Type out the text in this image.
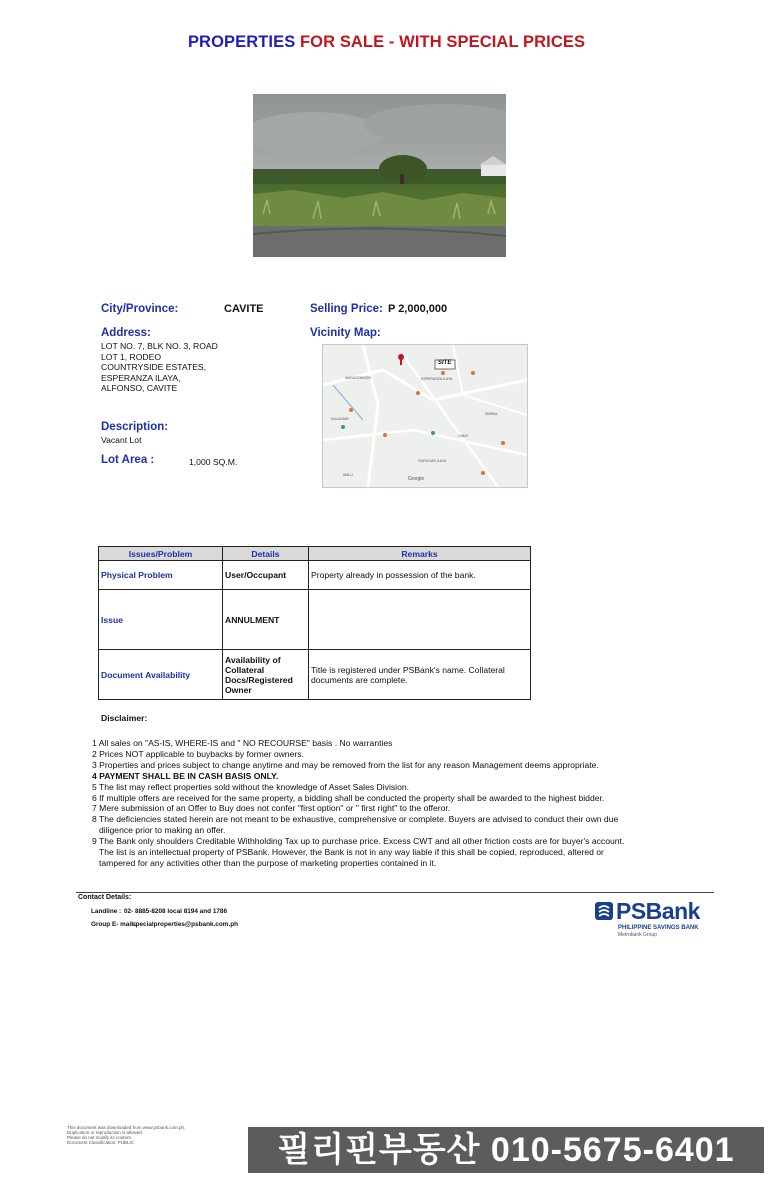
PROPERTIES FOR SALE - WITH SPECIAL PRICES
City/Province:	CAVITE	Selling Price: P 2,000,000
Address:
LOT NO. 7, BLK NO. 3, ROAD
LOT 1, RODEO
COUNTRYSIDE ESTATES,
ESPERANZA ILAYA,
ALFONSO, CAVITE
Vicinity Map:
Description:
Vacant Lot
Lot Area :	1,000 SQ.M.
SITE
MARAGONDON	ESPERANZA ILAYA
SALAGAIN
GURUGAN ILAYA
GINAT
SIMBAL
AMLU
Google
Issues/Problem	Details	Remarks
Physical Problem	User/Occupant	Property already in possession of the bank.
Issue	ANNULMENT	
Document Availability	Availability of Collateral Docs/Registered Owner	Title is registered under PSBank's name. Collateral documents are complete.
Disclaimer:
1 All sales on "AS-IS, WHERE-IS and " NO RECOURSE" basis . No warranties
2 Prices NOT applicable to buybacks by former owners.
3 Properties and prices subject to change anytime and may be removed from the list for any reason Management deems appropriate.
4 PAYMENT SHALL BE IN CASH BASIS ONLY.
5 The list may reflect properties sold without the knowledge of Asset Sales Division.
6 If multiple offers are received for the same property, a bidding shall be conducted the property shall be awarded to the highest bidder.
7 Mere submission of an Offer to Buy does not confer "first option" or " first right" to the offeror.
8 The deficiencies stated herein are not meant to be exhaustive, comprehensive or complete. Buyers are advised to conduct their own due
diligence prior to making an offer.
9 The Bank only shoulders Creditable Withholding Tax up to purchase price. Excess CWT and all other friction costs are for buyer's account.
The list is an intellectual property of PSBank. However, the Bank is not in any way liable if this shall be copied, reproduced, altered or
tampered for any activities other than the purpose of marketing properties contained in it.
Contact Details:
Landline : 02- 8885-8208 local 8194 and 1786
Group E- mail :
specialproperties@psbank.com.ph
PSBank
PHILIPPINE SAVINGS BANK
Metrobank Group
This document was downloaded from www.psbank.com.ph.
Duplication or reproduction is allowed.
Please do not modify its content.
Document Classification: PUBLIC	필리핀부동산 010-5675-6401
